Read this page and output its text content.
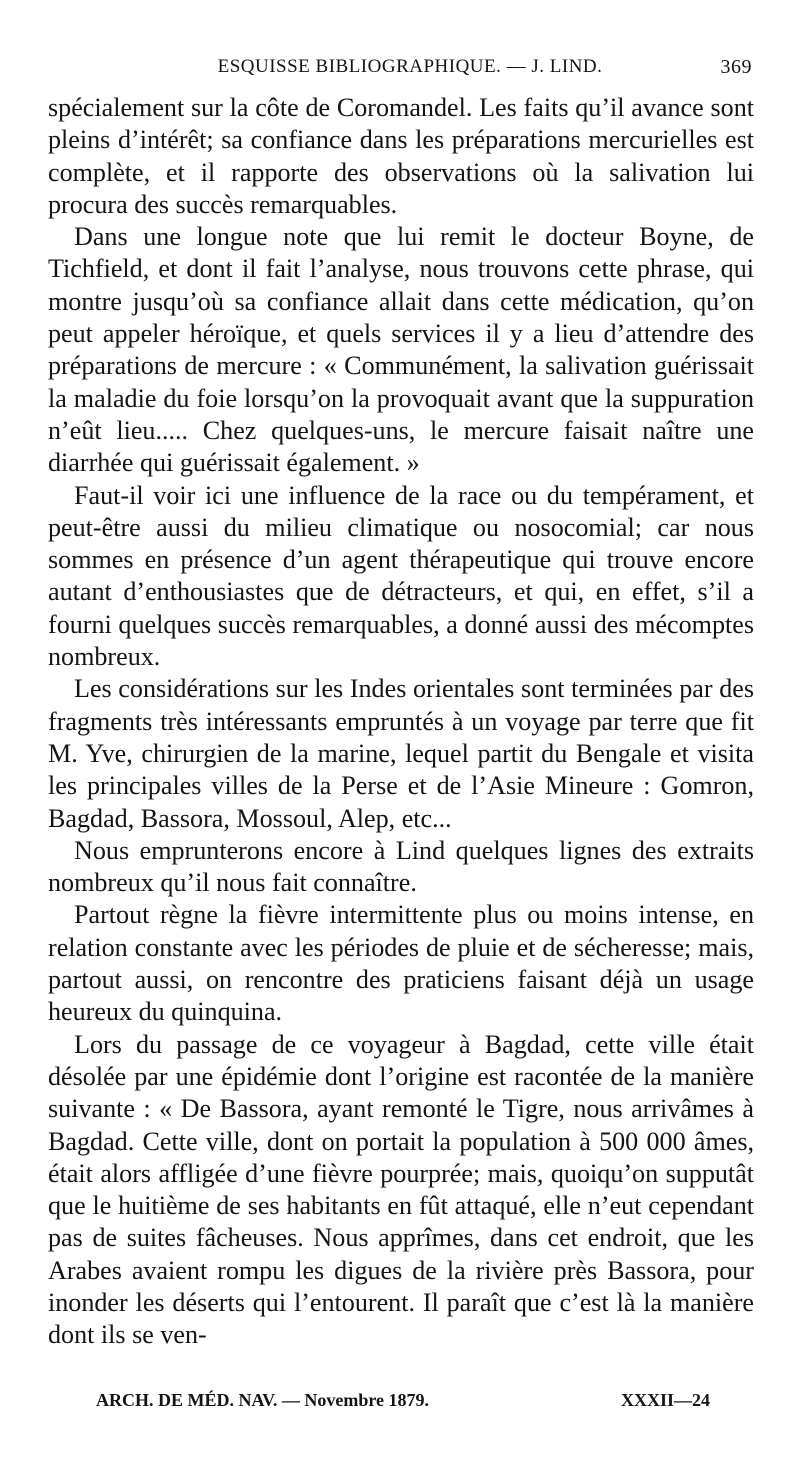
ESQUISSE BIBLIOGRAPHIQUE. — J. LIND.	369

spécialement sur la côte de Coromandel. Les faits qu’il avance sont pleins d’intérêt; sa confiance dans les préparations mercurielles est complète, et il rapporte des observations où la salivation lui procura des succès remarquables.

Dans une longue note que lui remit le docteur Boyne, de Tichfield, et dont il fait l’analyse, nous trouvons cette phrase, qui montre jusqu’où sa confiance allait dans cette médication, qu’on peut appeler héroïque, et quels services il y a lieu d’attendre des préparations de mercure : « Communément, la salivation guérissait la maladie du foie lorsqu’on la provoquait avant que la suppuration n’eût lieu..... Chez quelques-uns, le mercure faisait naître une diarrhée qui guérissait également. »

Faut-il voir ici une influence de la race ou du tempérament, et peut-être aussi du milieu climatique ou nosocomial; car nous sommes en présence d’un agent thérapeutique qui trouve encore autant d’enthousiastes que de détracteurs, et qui, en effet, s’il a fourni quelques succès remarquables, a donné aussi des mécomptes nombreux.

Les considérations sur les Indes orientales sont terminées par des fragments très intéressants empruntés à un voyage par terre que fit M. Yve, chirurgien de la marine, lequel partit du Bengale et visita les principales villes de la Perse et de l’Asie Mineure : Gomron, Bagdad, Bassora, Mossoul, Alep, etc...

Nous emprunterons encore à Lind quelques lignes des extraits nombreux qu’il nous fait connaître.

Partout règne la fièvre intermittente plus ou moins intense, en relation constante avec les périodes de pluie et de sécheresse; mais, partout aussi, on rencontre des praticiens faisant déjà un usage heureux du quinquina.

Lors du passage de ce voyageur à Bagdad, cette ville était désolée par une épidémie dont l’origine est racontée de la manière suivante : « De Bassora, ayant remonté le Tigre, nous arrivâmes à Bagdad. Cette ville, dont on portait la population à 500 000 âmes, était alors affligée d’une fièvre pourprée; mais, quoiqu’on supputât que le huitième de ses habitants en fût attaqué, elle n’eut cependant pas de suites fâcheuses. Nous apprîmes, dans cet endroit, que les Arabes avaient rompu les digues de la rivière près Bassora, pour inonder les déserts qui l’entourent. Il paraît que c’est là la manière dont ils se ven-

ARCH. DE MÉD. NAV. — Novembre 1879.	XXXII—24
